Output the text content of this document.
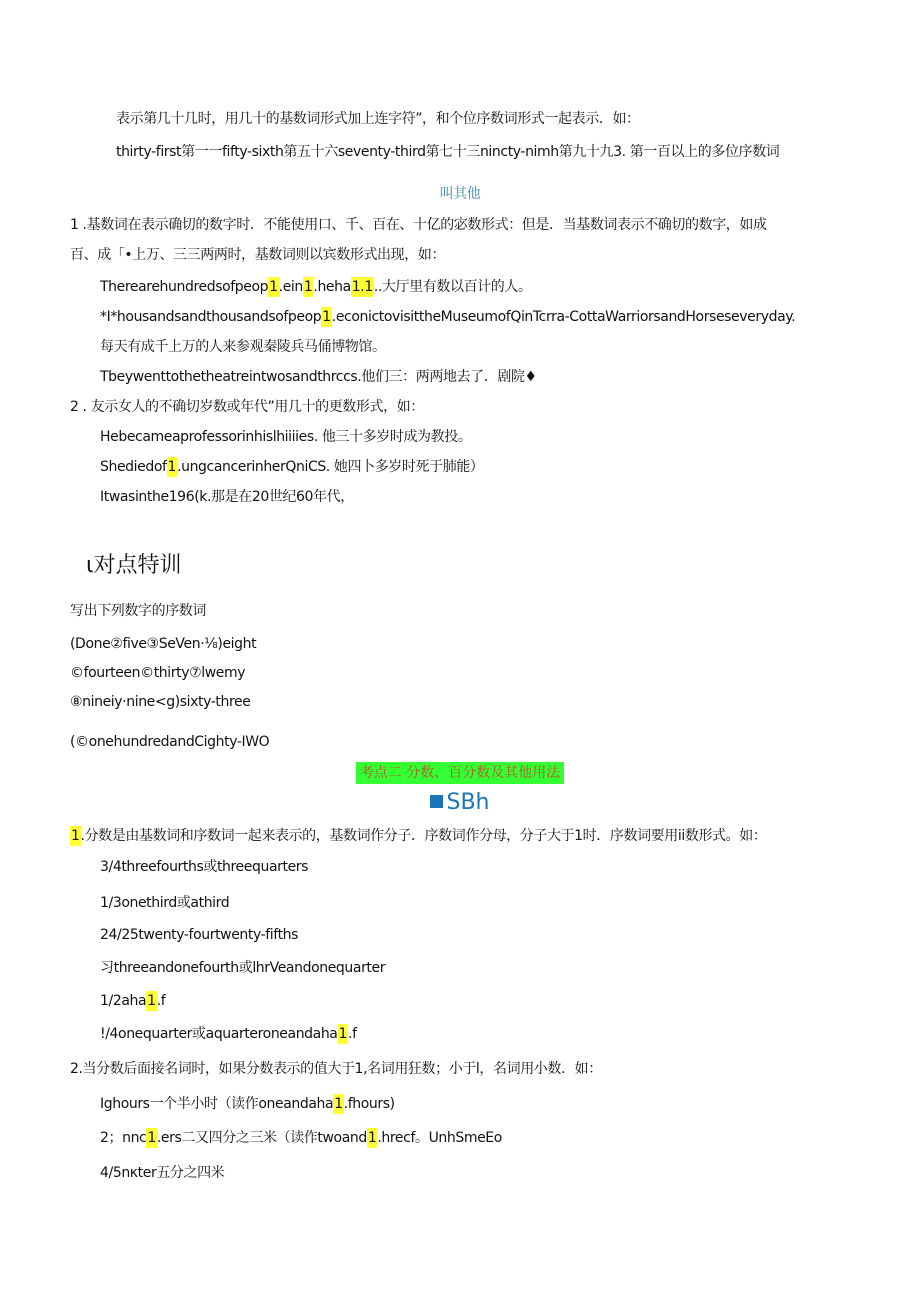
表示第几十几时，用几十的基数词形式加上连字符”，和个位序数词形式一起表示．如：
thirty-first第一一fifty-sixth第五十六seventy-third第七十三nincty-nimh第九十九3. 第一百以上的多位序数词
叫其他
1 .基数词在表示确切的数字时．不能使用口、千、百在、十亿的宓数形式：但是．当基数词表示不确切的数字，如成
百、成「•上万、三三两两时，基数词则以宾数形式出现，如：
Therearehundredsofpeop1.ein1.heha1.1..大厅里有数以百计的人。
*I*housandsandthousandsofpeop1.econictovisittheMuseumofQinTcrra-CottaWarriorsandHorseseveryday.
每天有成千上万的人来参观秦陵兵马俑博物馆。
Tbeywenttothetheatreintwosandthrccs.他们三：两两地去了．剧院♦
2 . 友示女人的不确切岁数或年代”用几十的更数形式，如：
Hebecameaprofessorinhislhiiiies. 他三十多岁时成为教投。
Shediedof1.ungcancerinherQniCS. 她四卜多岁时死于肺能）
Itwasinthe196(k.那是在20世纪60年代，
ι对点特训
写出下列数字的序数词
(Done②five③SeVen·⅛)eight
©fourteen©thirty⑦lwemy
⑧nineiy·nine<g)sixty-three
(©onehundredandCighty-IWO
考点二 分数、百分数及其他用法
SBh
1.分数是由基数词和序数词一起来表示的，基数词作分子．序数词作分母，分子大于1时．序数词要用ii数形式。如：
3/4threefourths或threequarters
1/3onethird或athird
24/25twenty-fourtwenty-fifths
习threeandonefourth或lhrVeandonequarter
1/2aha1.f
!/4onequarter或aquarteroneandaha1.f
2.当分数后面接名词时，如果分数表示的值大于1,名词用狂数；小于l，名词用小数．如：
Ighours一个半小时（读作oneandaha1.fhours)
2；nnc1.ers二又四分之三米（读作twoand1.hrecf。UnhSmeEo
4/5nκter五分之四米
